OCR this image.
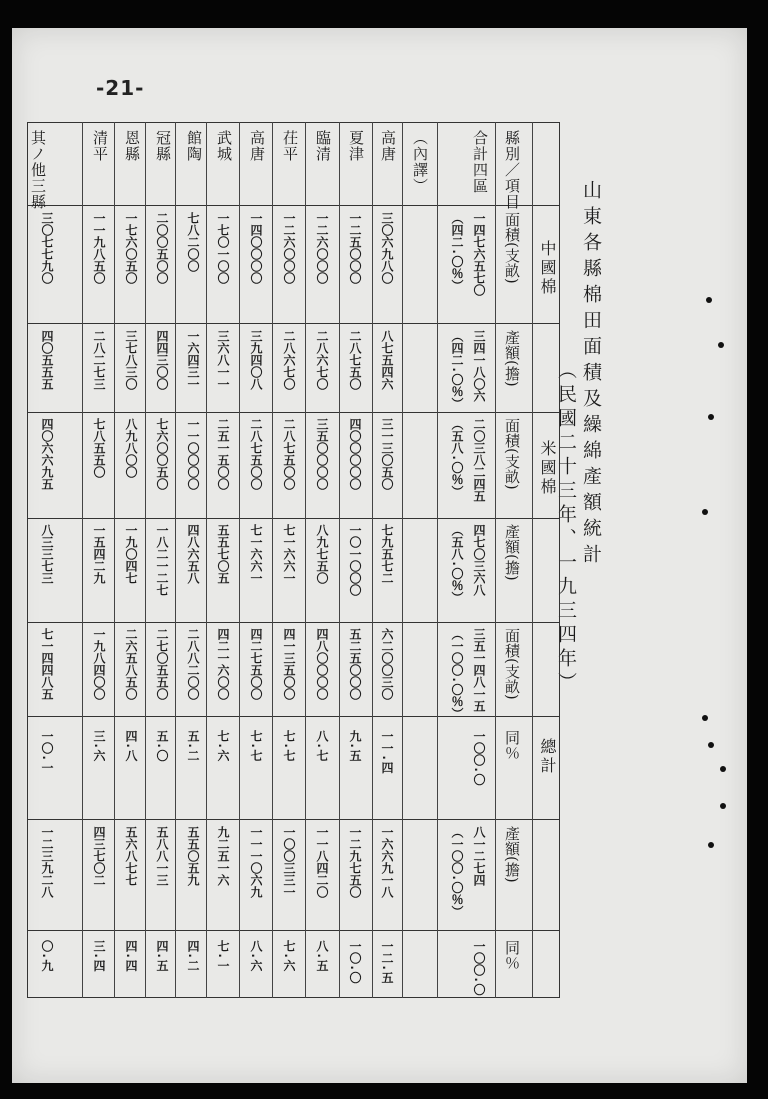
-21-
山東各縣棉田面積及繰綿產額統計
（民國二十三年、一九三四年）
中國棉
米國棉
總計
縣別／項目
面積(支畝)
產額(擔)
面積(支畝)
產額(擔)
面積(支畝)
同％
產額(擔)
同％
合計四區
一四七六五七〇
三四一八〇六
二〇三八二四五
四七〇三六八
三五一四八一五
一〇〇.〇
八一二七四
一〇〇.〇
（四二.〇％）
（四二.〇％）
（五八.〇％）
（五八.〇％）
（一〇〇.〇％）
（一〇〇.〇％）
（內譯）
高唐
三〇六九八〇
八七五四六
三一三〇五〇
七九五七二
六二〇〇三〇
一一.四
一六六九一八
一二.五
夏津
一二五〇〇〇
二八七五〇
四〇〇〇〇〇
一〇一〇〇〇
五二五〇〇〇
九.五
一二九七五〇
一〇.〇
臨清
一二六〇〇〇
二八六七〇
三五〇〇〇〇
八九七五〇
四八〇〇〇〇
八.七
一一八四二〇
八.五
茌平
一二六〇〇〇
二八六七〇
二八七五〇〇
七一六六一
四一三五〇〇
七.七
一〇〇三三一
七.六
高唐
一四〇〇〇〇
三九四〇八
二八七五〇〇
七一六六一
四二七五〇〇
七.七
一一一〇六九
八.六
武城
一七〇一〇〇
三六八一一
二五一五〇〇
五五七〇五
四二一六〇〇
七.六
九二五一六
七.一
館陶
七八二〇〇
一六四三一
一一〇〇〇〇
四八六五八
二八八二〇〇
五.二
五五〇五九
四.二
冠縣
二〇〇五〇〇
四四三〇〇
七六〇〇五〇
一八二一二七
二七〇五五〇
五.〇
五八八一三
四.五
恩縣
一七六〇五〇
三七八三〇
八九八〇〇
一九〇四七
二六五八五〇
四.八
五六八七七
四.四
清平
一一九八五〇
二八二七三
七八五五〇
一五四二九
一九八四〇〇
三.六
四三七〇二
三.四
其ノ他三縣
三〇七七九〇
四〇五五五
四〇六六九五
八三三七三
七一四四八五
一〇.一
一二三九二八
〇.九
